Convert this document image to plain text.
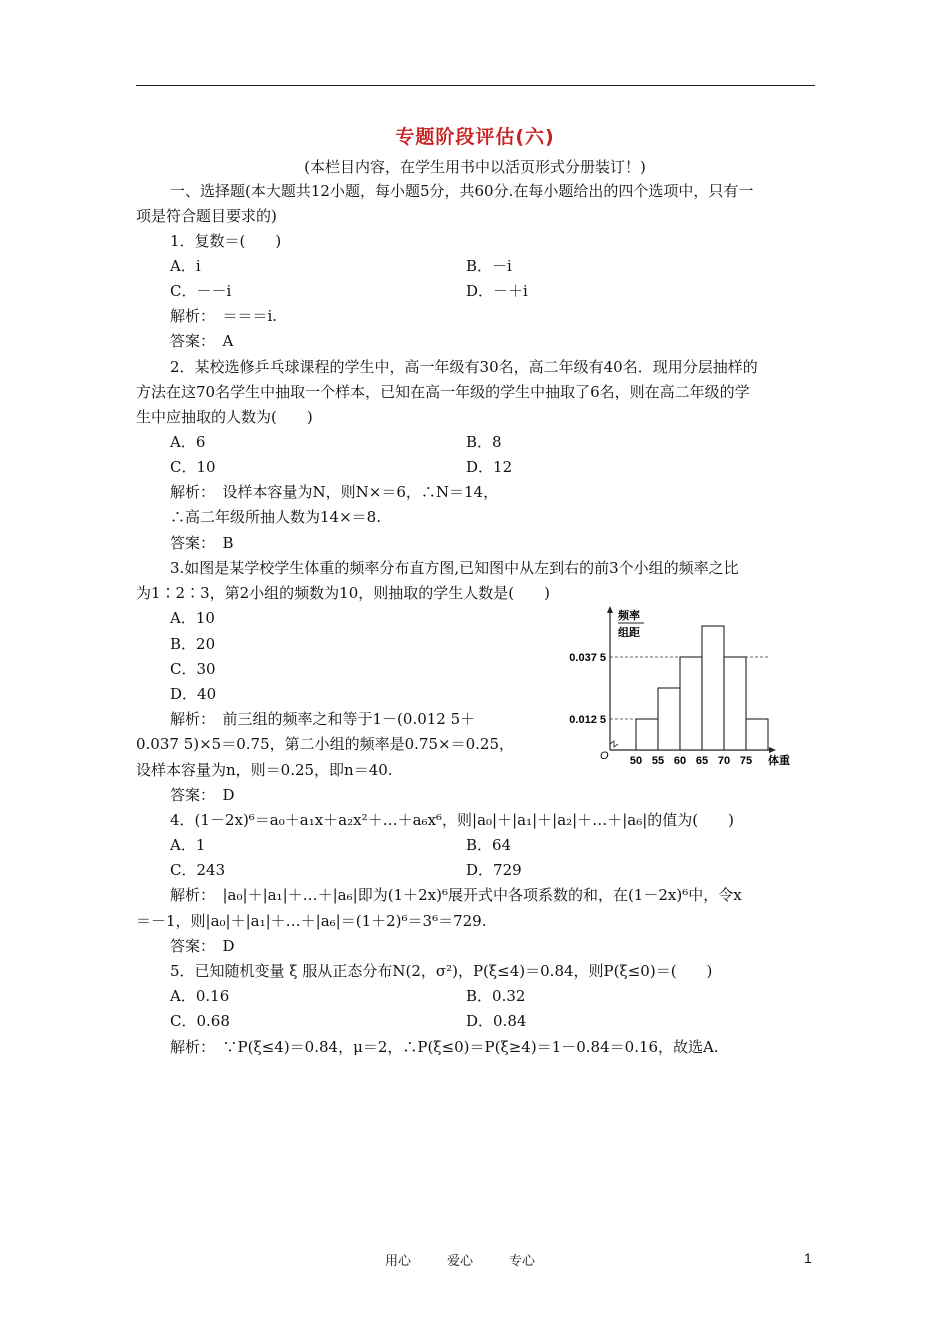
专题阶段评估(六)
(本栏目内容，在学生用书中以活页形式分册装订！)
一、选择题(本大题共12小题，每小题5分，共60分.在每小题给出的四个选项中，只有一
项是符合题目要求的)
1．复数＝(　　)
A．i	B．－i
C．－－i	D．－＋i
解析：　＝＝＝i.
答案：　A
2．某校选修乒乓球课程的学生中，高一年级有30名，高二年级有40名．现用分层抽样的
方法在这70名学生中抽取一个样本，已知在高一年级的学生中抽取了6名，则在高二年级的学
生中应抽取的人数为(　　)
A．6	B．8
C．10	D．12
解析：　设样本容量为N，则N×＝6，∴N＝14，
∴高二年级所抽人数为14×＝8.
答案：　B
3.如图是某学校学生体重的频率分布直方图,已知图中从左到右的前3个小组的频率之比
为1∶2∶3，第2小组的频数为10，则抽取的学生人数是(　　)
A．10
B．20
C．30
D．40
解析：　前三组的频率之和等于1－(0.012 5＋
0.037 5)×5＝0.75，第二小组的频率是0.75×＝0.25，
设样本容量为n，则＝0.25，即n＝40.
答案：　D
频率
组距
体重
O
0.012 5
0.037 5
50 55 60 65 70 75
4．(1－2x)⁶＝a₀＋a₁x＋a₂x²＋…＋a₆x⁶，则|a₀|＋|a₁|＋|a₂|＋…＋|a₆|的值为(　　)
A．1	B．64
C．243	D．729
解析：　|a₀|＋|a₁|＋…＋|a₆|即为(1＋2x)⁶展开式中各项系数的和，在(1－2x)⁶中，令x
＝－1，则|a₀|＋|a₁|＋…＋|a₆|＝(1＋2)⁶＝3⁶＝729.
答案：　D
5．已知随机变量 ξ 服从正态分布N(2，σ²)，P(ξ≤4)＝0.84，则P(ξ≤0)＝(　　)
A．0.16	B．0.32
C．0.68	D．0.84
解析：　∵P(ξ≤4)＝0.84，μ＝2，∴P(ξ≤0)＝P(ξ≥4)＝1－0.84＝0.16，故选A.
用心	爱心	专心	1
